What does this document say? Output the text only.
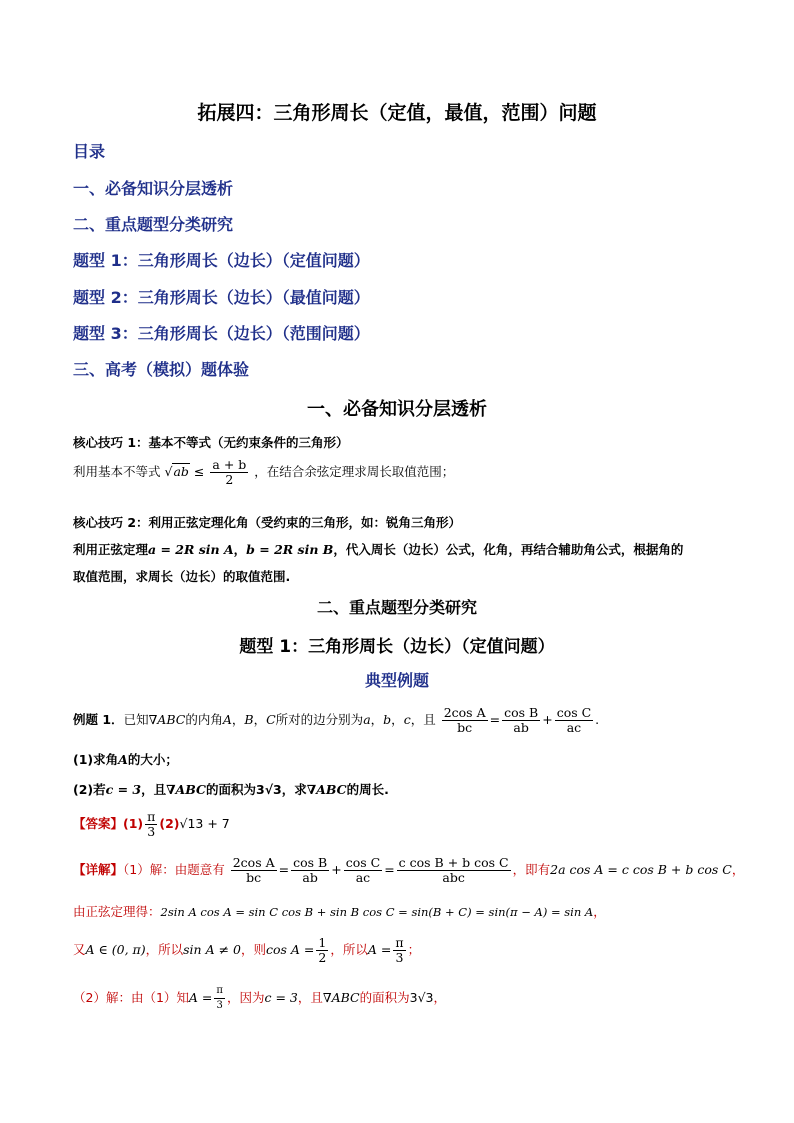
拓展四：三角形周长（定值，最值，范围）问题
目录
一、必备知识分层透析
二、重点题型分类研究
题型 1：三角形周长（边长）（定值问题）
题型 2：三角形周长（边长）（最值问题）
题型 3：三角形周长（边长）（范围问题）
三、高考（模拟）题体验
一、必备知识分层透析
核心技巧 1：基本不等式（无约束条件的三角形）
利用基本不等式 $√ab \le \frac{a + b}{2}$ ，在结合余弦定理求周长取值范围；
核心技巧 2：利用正弦定理化角（受约束的三角形，如：锐角三角形）
利用正弦定理a = 2R sin A，b = 2R sin B，代入周长（边长）公式，化角，再结合辅助角公式，根据角的
取值范围，求周长（边长）的取值范围.
二、重点题型分类研究
题型 1：三角形周长（边长）（定值问题）
典型例题
例题 1．已知∇ABC的内角A，B，C所对的边分别为a，b，c，且 $\frac{\text{2cos A}}{bc} = \frac{\text{cos B}}{ab} + \frac{\text{cos C}}{ac}$ .
(1)求角A的大小；
(2)若c = 3，且∇ABC的面积为3√3，求∇ABC的周长.
【答案】$(1) \frac{\pi}{3} (2)√13 + 7$
【详解】（1）解：由题意有 $\frac{\text{2cos A}}{bc} = \frac{\text{cos B}}{ab} + \frac{\text{cos C}}{ac} = \frac{\text{c cos B + b cos C}}{\text{abc}}$ ，即有2a cos A = c cos B + b cos C，
由正弦定理得：2sin A cos A = sin C cos B + sin B cos C = sin(B + C) = sin(π − A) = sin A，
又A ∈ (0, π)，所以sin A ≠ 0，则$\cos A = \frac{1}{2}$ ，所以$A = \frac{\pi}{3}$ ；
（2）解：由（1）知$A = \frac{\pi}{3}$ ，因为c = 3，且∇ABC的面积为3√3，
